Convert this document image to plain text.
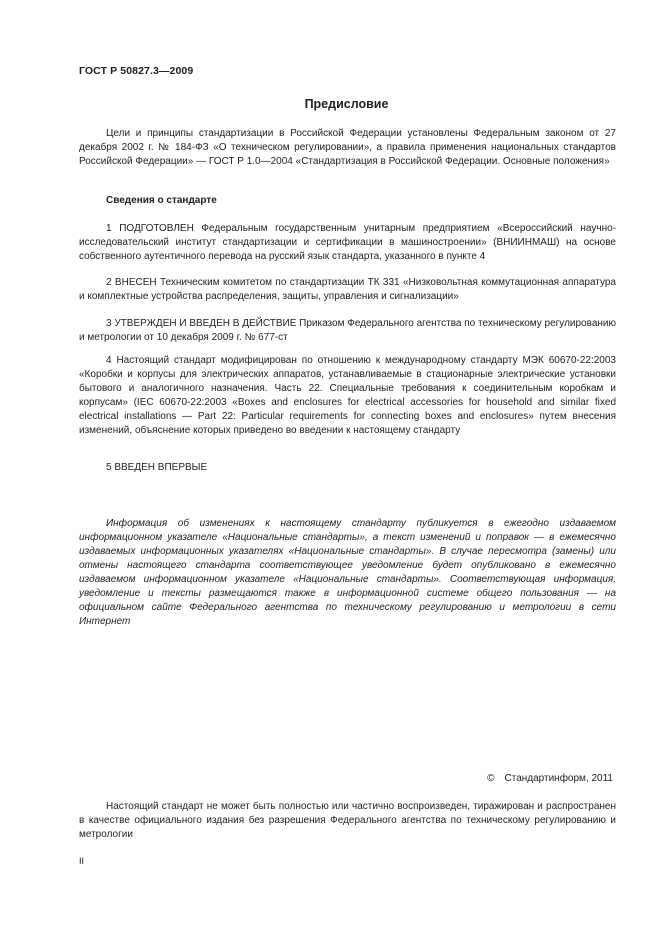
ГОСТ Р 50827.3—2009
Предисловие

Цели и принципы стандартизации в Российской Федерации установлены Федеральным законом от 27 декабря 2002 г. № 184-ФЗ «О техническом регулировании», а правила применения национальных стандартов Российской Федерации» — ГОСТ Р 1.0—2004 «Стандартизация в Российской Федерации. Основные положения»

Сведения о стандарте

1 ПОДГОТОВЛЕН Федеральным государственным унитарным предприятием «Всероссийский научно-исследовательский институт стандартизации и сертификации в машиностроении» (ВНИИНМАШ) на основе собственного аутентичного перевода на русский язык стандарта, указанного в пункте 4

2 ВНЕСЕН Техническим комитетом по стандартизации ТК 331 «Низковольтная коммутационная аппаратура и комплектные устройства распределения, защиты, управления и сигнализации»

3 УТВЕРЖДЕН И ВВЕДЕН В ДЕЙСТВИЕ Приказом Федерального агентства по техническому регулированию и метрологии от 10 декабря 2009 г. № 677-ст

4 Настоящий стандарт модифицирован по отношению к международному стандарту МЭК 60670-22:2003 «Коробки и корпусы для электрических аппаратов, устанавливаемые в стационарные электрические установки бытового и аналогичного назначения. Часть 22. Специальные требования к соединительным коробкам и корпусам» (IEC 60670-22:2003 «Boxes and enclosures for electrical accessories for household and similar fixed electrical installations — Part 22: Particular requirements for connecting boxes and enclosures» путем внесения изменений, объяснение которых приведено во введении к настоящему стандарту

5 ВВЕДЕН ВПЕРВЫЕ

Информация об изменениях к настоящему стандарту публикуется в ежегодно издаваемом информационном указателе «Национальные стандарты», а текст изменений и поправок — в ежемесячно издаваемых информационных указателях «Национальные стандарты». В случае пересмотра (замены) или отмены настоящего стандарта соответствующее уведомление будет опубликовано в ежемесячно издаваемом информационном указателе «Национальные стандарты». Соответствующая информация, уведомление и тексты размещаются также в информационной системе общего пользования — на официальном сайте Федерального агентства по техническому регулированию и метрологии в сети Интернет

© Стандартинформ, 2011

Настоящий стандарт не может быть полностью или частично воспроизведен, тиражирован и распространен в качестве официального издания без разрешения Федерального агентства по техническому регулированию и метрологии

II
